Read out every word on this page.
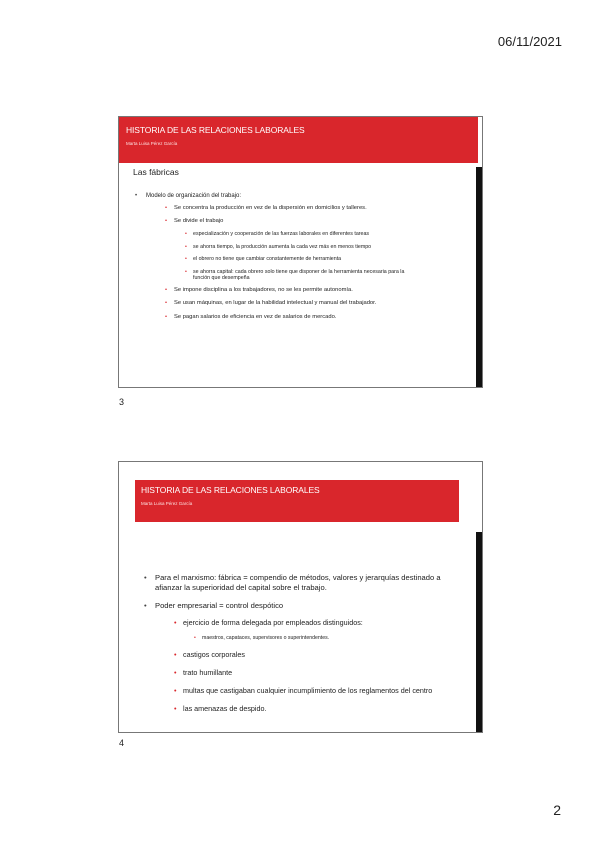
06/11/2021
HISTORIA DE LAS RELACIONES LABORALES
Marta Luisa Pérez García
Las fábricas
• Modelo de organización del trabajo:
• Se concentra la producción en vez de la dispersión en domicilios y talleres.
• Se divide el trabajo
• especialización y cooperación de las fuerzas laborales en diferentes tareas
• se ahorra tiempo, la producción aumenta la cada vez más en menos tiempo
• el obrero no tiene que cambiar constantemente de herramienta
• se ahorra capital: cada obrero solo tiene que disponer de la herramienta necesaria para la función que desempeña
• Se impone disciplina a los trabajadores, no se les permite autonomía.
• Se usan máquinas, en lugar de la habilidad intelectual y manual del trabajador.
• Se pagan salarios de eficiencia en vez de salarios de mercado.
3
HISTORIA DE LAS RELACIONES LABORALES
Marta Luisa Pérez García
• Para el marxismo: fábrica = compendio de métodos, valores y jerarquías destinado a afianzar la superioridad del capital sobre el trabajo.
• Poder empresarial = control despótico
• ejercicio de forma delegada por empleados distinguidos:
• maestros, capataces, supervisores o superintendentes.
• castigos corporales
• trato humillante
• multas que castigaban cualquier incumplimiento de los reglamentos del centro
• las amenazas de despido.
4
2
